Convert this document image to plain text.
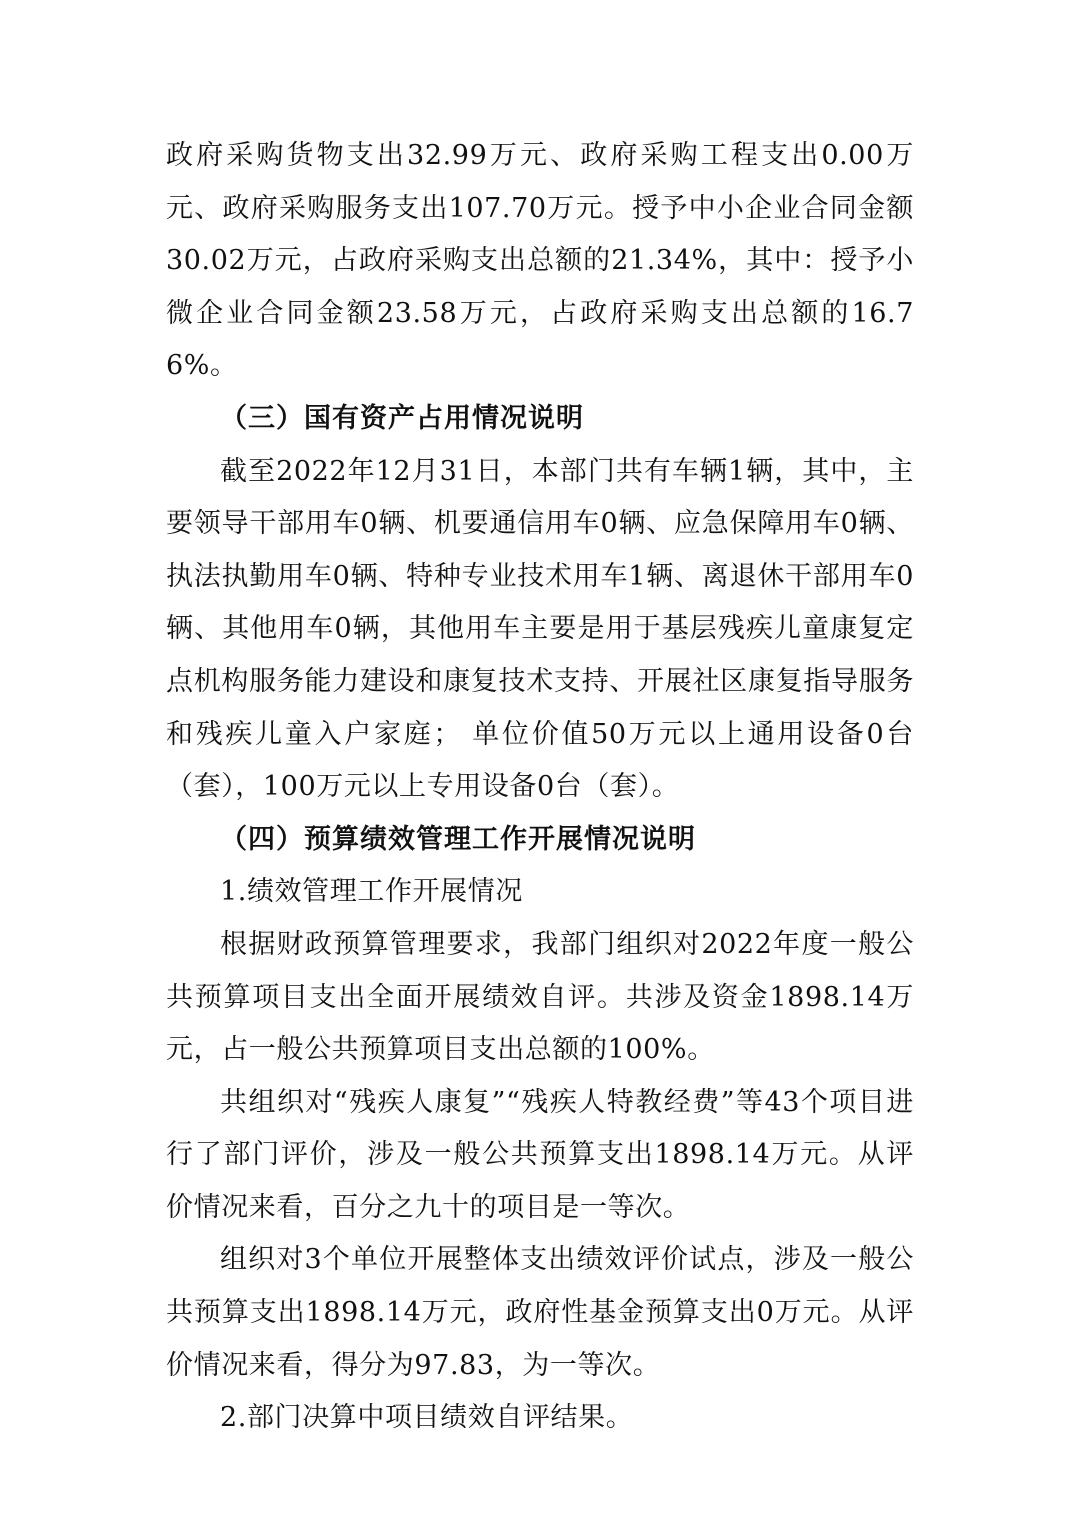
政府采购货物支出32.99万元、政府采购工程支出0.00万元、政府采购服务支出107.70万元。授予中小企业合同金额30.02万元，占政府采购支出总额的21.34%，其中：授予小微企业合同金额23.58万元，占政府采购支出总额的16.76%。

（三）国有资产占用情况说明

截至2022年12月31日，本部门共有车辆1辆，其中，主要领导干部用车0辆、机要通信用车0辆、应急保障用车0辆、执法执勤用车0辆、特种专业技术用车1辆、离退休干部用车0辆、其他用车0辆，其他用车主要是用于基层残疾儿童康复定点机构服务能力建设和康复技术支持、开展社区康复指导服务和残疾儿童入户家庭； 单位价值50万元以上通用设备0台（套），100万元以上专用设备0台（套）。

（四）预算绩效管理工作开展情况说明

1.绩效管理工作开展情况

根据财政预算管理要求，我部门组织对2022年度一般公共预算项目支出全面开展绩效自评。共涉及资金1898.14万元，占一般公共预算项目支出总额的100%。

共组织对“残疾人康复”“残疾人特教经费”等43个项目进行了部门评价，涉及一般公共预算支出1898.14万元。从评价情况来看，百分之九十的项目是一等次。

组织对3个单位开展整体支出绩效评价试点，涉及一般公共预算支出1898.14万元，政府性基金预算支出0万元。从评价情况来看，得分为97.83，为一等次。

2.部门决算中项目绩效自评结果。
